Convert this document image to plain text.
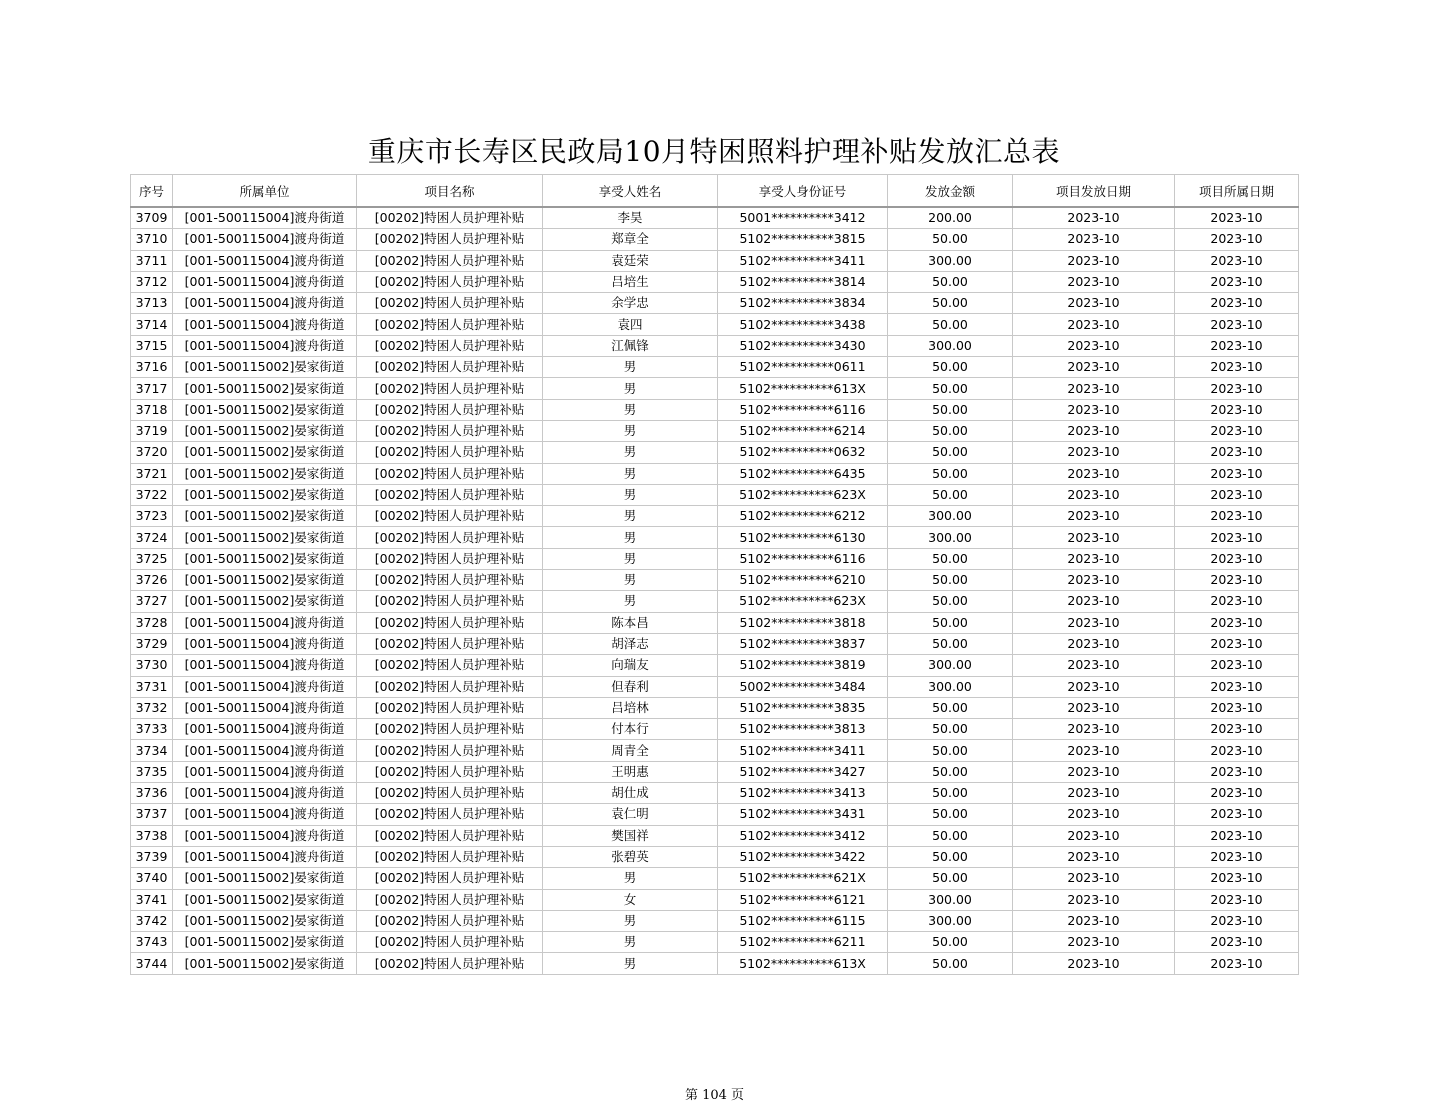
重庆市长寿区民政局10月特困照料护理补贴发放汇总表
序号	所属单位	项目名称	享受人姓名	享受人身份证号	发放金额	项目发放日期	项目所属日期
3709	[001-500115004]渡舟街道	[00202]特困人员护理补贴	李昊	5001**********3412	200.00	2023-10	2023-10
3710	[001-500115004]渡舟街道	[00202]特困人员护理补贴	郑章全	5102**********3815	50.00	2023-10	2023-10
3711	[001-500115004]渡舟街道	[00202]特困人员护理补贴	袁廷荣	5102**********3411	300.00	2023-10	2023-10
3712	[001-500115004]渡舟街道	[00202]特困人员护理补贴	吕培生	5102**********3814	50.00	2023-10	2023-10
3713	[001-500115004]渡舟街道	[00202]特困人员护理补贴	余学忠	5102**********3834	50.00	2023-10	2023-10
3714	[001-500115004]渡舟街道	[00202]特困人员护理补贴	袁四	5102**********3438	50.00	2023-10	2023-10
3715	[001-500115004]渡舟街道	[00202]特困人员护理补贴	江佩锋	5102**********3430	300.00	2023-10	2023-10
3716	[001-500115002]晏家街道	[00202]特困人员护理补贴	男	5102**********0611	50.00	2023-10	2023-10
3717	[001-500115002]晏家街道	[00202]特困人员护理补贴	男	5102**********613X	50.00	2023-10	2023-10
3718	[001-500115002]晏家街道	[00202]特困人员护理补贴	男	5102**********6116	50.00	2023-10	2023-10
3719	[001-500115002]晏家街道	[00202]特困人员护理补贴	男	5102**********6214	50.00	2023-10	2023-10
3720	[001-500115002]晏家街道	[00202]特困人员护理补贴	男	5102**********0632	50.00	2023-10	2023-10
3721	[001-500115002]晏家街道	[00202]特困人员护理补贴	男	5102**********6435	50.00	2023-10	2023-10
3722	[001-500115002]晏家街道	[00202]特困人员护理补贴	男	5102**********623X	50.00	2023-10	2023-10
3723	[001-500115002]晏家街道	[00202]特困人员护理补贴	男	5102**********6212	300.00	2023-10	2023-10
3724	[001-500115002]晏家街道	[00202]特困人员护理补贴	男	5102**********6130	300.00	2023-10	2023-10
3725	[001-500115002]晏家街道	[00202]特困人员护理补贴	男	5102**********6116	50.00	2023-10	2023-10
3726	[001-500115002]晏家街道	[00202]特困人员护理补贴	男	5102**********6210	50.00	2023-10	2023-10
3727	[001-500115002]晏家街道	[00202]特困人员护理补贴	男	5102**********623X	50.00	2023-10	2023-10
3728	[001-500115004]渡舟街道	[00202]特困人员护理补贴	陈本昌	5102**********3818	50.00	2023-10	2023-10
3729	[001-500115004]渡舟街道	[00202]特困人员护理补贴	胡泽志	5102**********3837	50.00	2023-10	2023-10
3730	[001-500115004]渡舟街道	[00202]特困人员护理补贴	向瑞友	5102**********3819	300.00	2023-10	2023-10
3731	[001-500115004]渡舟街道	[00202]特困人员护理补贴	但春利	5002**********3484	300.00	2023-10	2023-10
3732	[001-500115004]渡舟街道	[00202]特困人员护理补贴	吕培林	5102**********3835	50.00	2023-10	2023-10
3733	[001-500115004]渡舟街道	[00202]特困人员护理补贴	付本行	5102**********3813	50.00	2023-10	2023-10
3734	[001-500115004]渡舟街道	[00202]特困人员护理补贴	周青全	5102**********3411	50.00	2023-10	2023-10
3735	[001-500115004]渡舟街道	[00202]特困人员护理补贴	王明惠	5102**********3427	50.00	2023-10	2023-10
3736	[001-500115004]渡舟街道	[00202]特困人员护理补贴	胡仕成	5102**********3413	50.00	2023-10	2023-10
3737	[001-500115004]渡舟街道	[00202]特困人员护理补贴	袁仁明	5102**********3431	50.00	2023-10	2023-10
3738	[001-500115004]渡舟街道	[00202]特困人员护理补贴	樊国祥	5102**********3412	50.00	2023-10	2023-10
3739	[001-500115004]渡舟街道	[00202]特困人员护理补贴	张碧英	5102**********3422	50.00	2023-10	2023-10
3740	[001-500115002]晏家街道	[00202]特困人员护理补贴	男	5102**********621X	50.00	2023-10	2023-10
3741	[001-500115002]晏家街道	[00202]特困人员护理补贴	女	5102**********6121	300.00	2023-10	2023-10
3742	[001-500115002]晏家街道	[00202]特困人员护理补贴	男	5102**********6115	300.00	2023-10	2023-10
3743	[001-500115002]晏家街道	[00202]特困人员护理补贴	男	5102**********6211	50.00	2023-10	2023-10
3744	[001-500115002]晏家街道	[00202]特困人员护理补贴	男	5102**********613X	50.00	2023-10	2023-10
第 104 页
